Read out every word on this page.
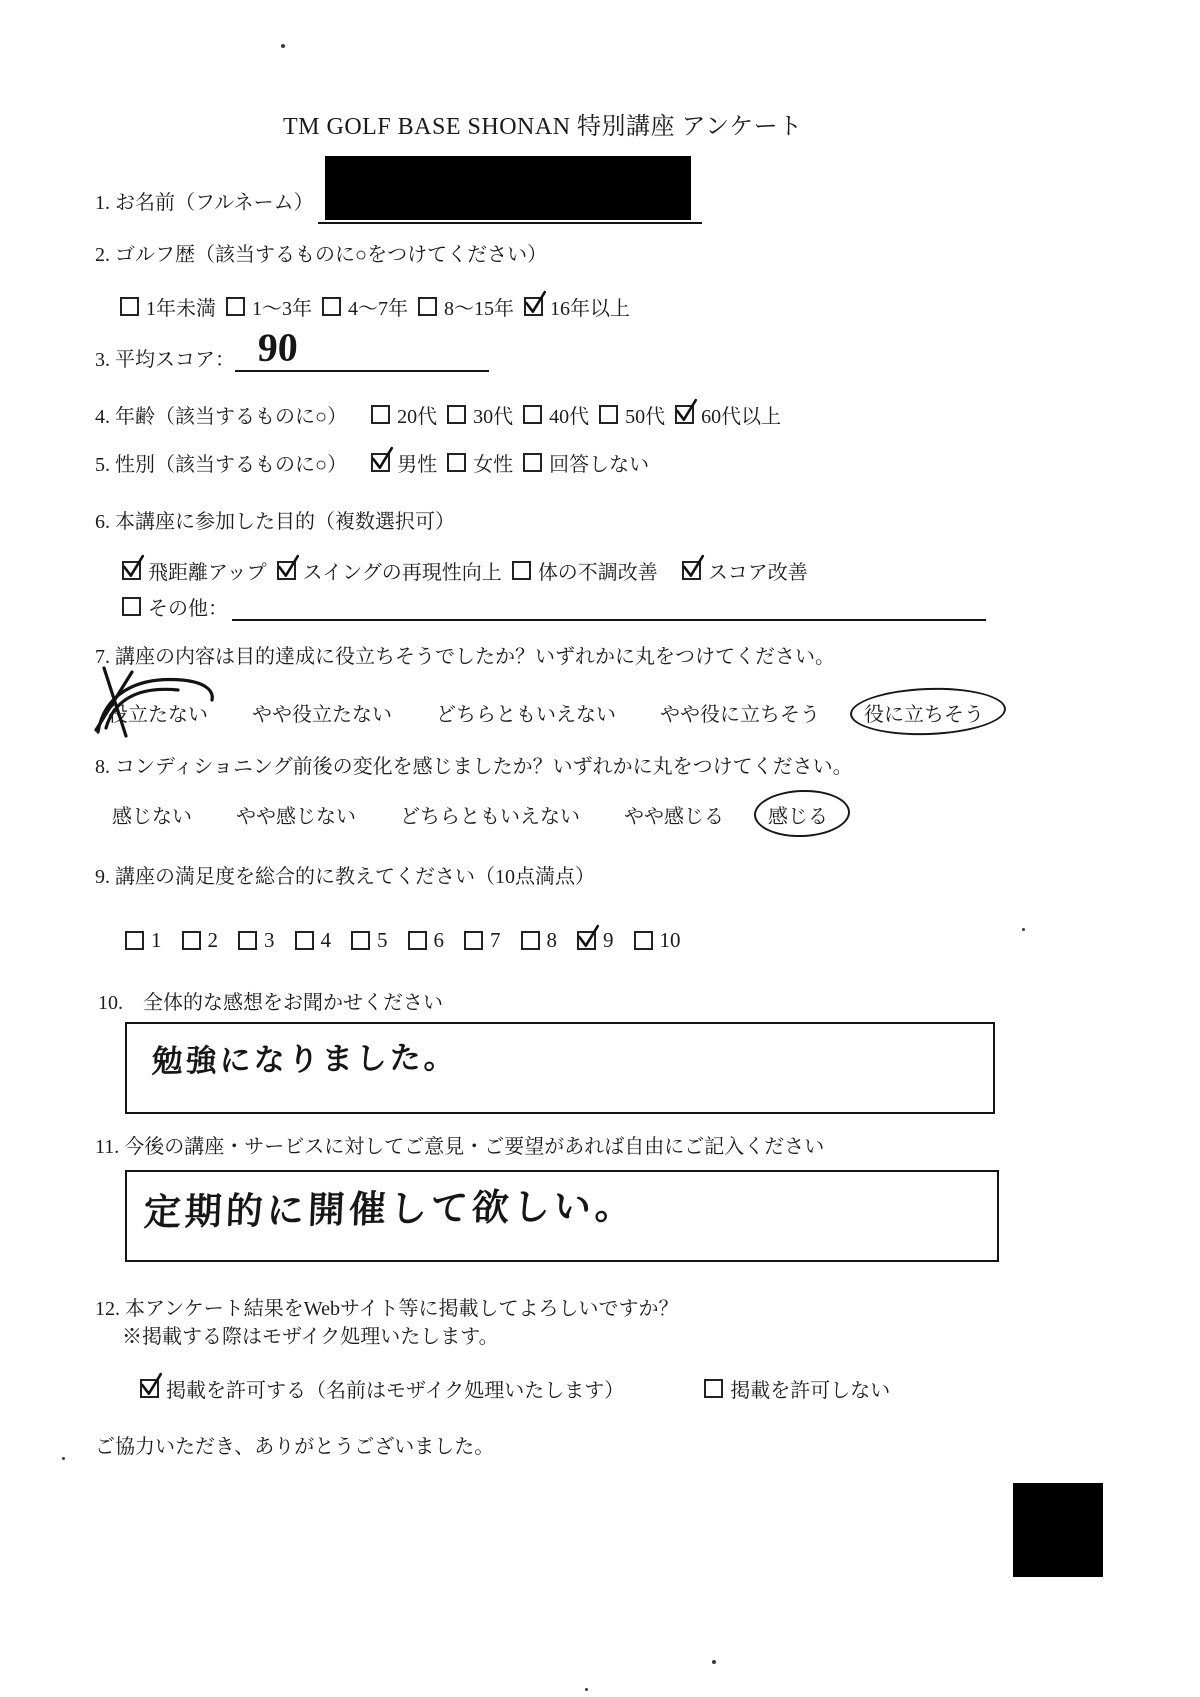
TM GOLF BASE SHONAN 特別講座 アンケート
1. お名前（フルネーム）
2. ゴルフ歴（該当するものに○をつけてください）
1年未満 1～3年 4～7年 8～15年 16年以上
3. 平均スコア： 90
4. 年齢（該当するものに○）	20代 30代 40代 50代 60代以上
5. 性別（該当するものに○）	男性 女性 回答しない
6. 本講座に参加した目的（複数選択可）
飛距離アップ スイングの再現性向上 体の不調改善	スコア改善
その他：
7. 講座の内容は目的達成に役立ちそうでしたか？いずれかに丸をつけてください。
役立たない やや役立たない どちらともいえない やや役に立ちそう 役に立ちそう
8. コンディショニング前後の変化を感じましたか？いずれかに丸をつけてください。
感じない やや感じない どちらともいえない やや感じる 感じる
9. 講座の満足度を総合的に教えてください（10点満点）
1 2 3 4 5 6 7 8 9 10
10.　全体的な感想をお聞かせください
勉強になりました。
11. 今後の講座・サービスに対してご意見・ご要望があれば自由にご記入ください
定期的に開催して欲しい。
12. 本アンケート結果をWebサイト等に掲載してよろしいですか？
※掲載する際はモザイク処理いたします。
掲載を許可する（名前はモザイク処理いたします）	掲載を許可しない
ご協力いただき、ありがとうございました。
